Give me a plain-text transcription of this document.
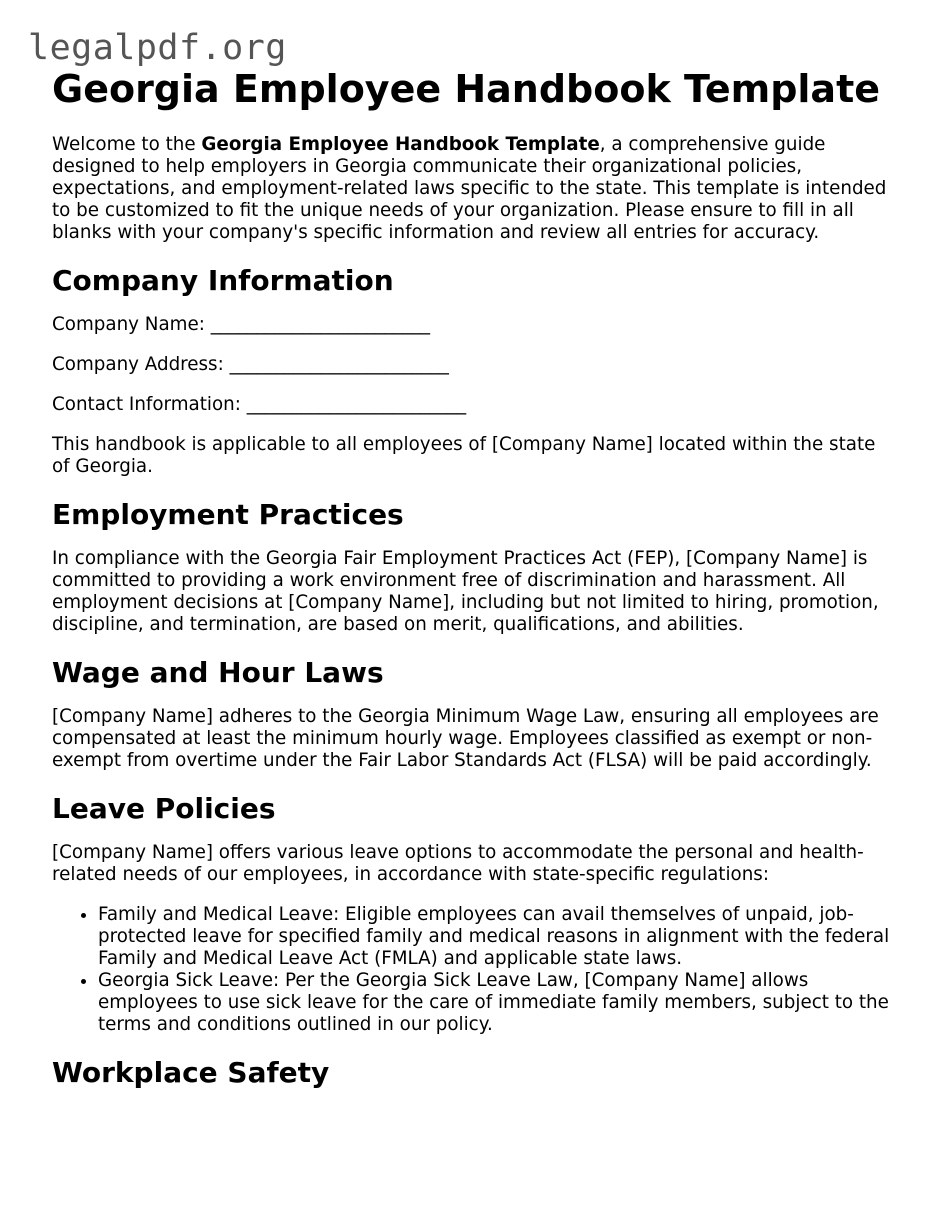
legalpdf.org
Georgia Employee Handbook Template

Welcome to the Georgia Employee Handbook Template, a comprehensive guide designed to help employers in Georgia communicate their organizational policies, expectations, and employment-related laws specific to the state. This template is intended to be customized to fit the unique needs of your organization. Please ensure to fill in all blanks with your company's specific information and review all entries for accuracy.

Company Information

Company Name: ________________________

Company Address: ________________________

Contact Information: ________________________

This handbook is applicable to all employees of [Company Name] located within the state of Georgia.

Employment Practices

In compliance with the Georgia Fair Employment Practices Act (FEP), [Company Name] is committed to providing a work environment free of discrimination and harassment. All employment decisions at [Company Name], including but not limited to hiring, promotion, discipline, and termination, are based on merit, qualifications, and abilities.

Wage and Hour Laws

[Company Name] adheres to the Georgia Minimum Wage Law, ensuring all employees are compensated at least the minimum hourly wage. Employees classified as exempt or non-exempt from overtime under the Fair Labor Standards Act (FLSA) will be paid accordingly.

Leave Policies

[Company Name] offers various leave options to accommodate the personal and health-related needs of our employees, in accordance with state-specific regulations:

• Family and Medical Leave: Eligible employees can avail themselves of unpaid, job-protected leave for specified family and medical reasons in alignment with the federal Family and Medical Leave Act (FMLA) and applicable state laws.
• Georgia Sick Leave: Per the Georgia Sick Leave Law, [Company Name] allows employees to use sick leave for the care of immediate family members, subject to the terms and conditions outlined in our policy.
Workplace Safety
